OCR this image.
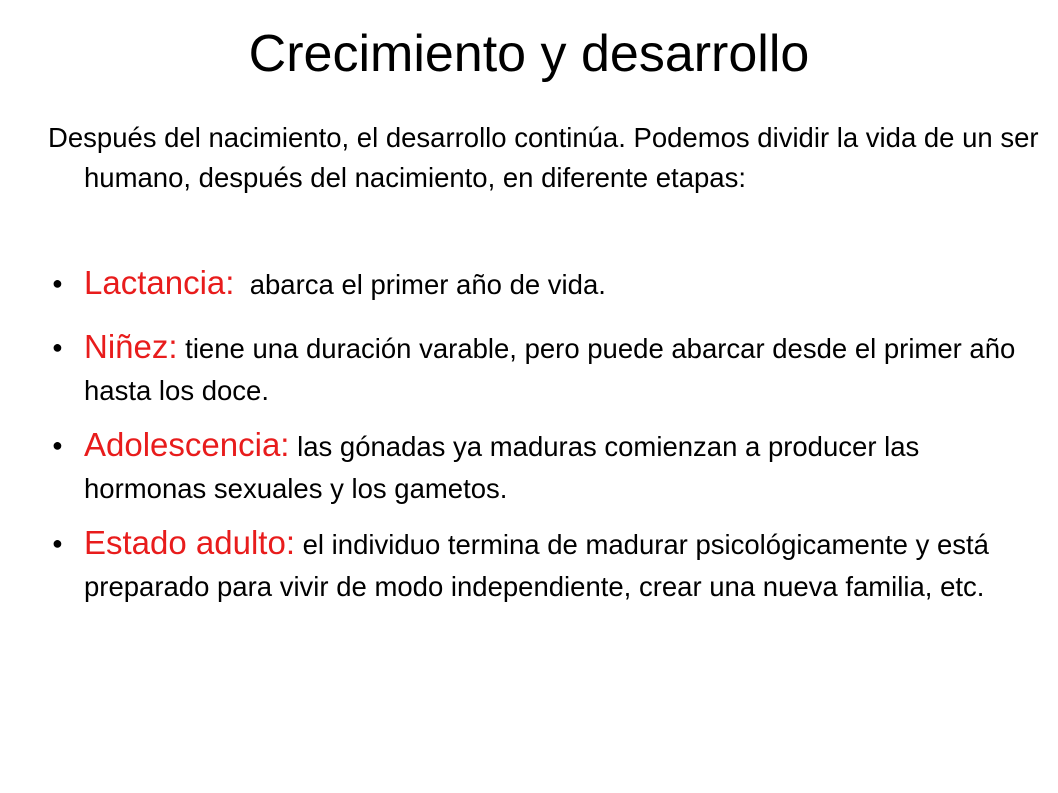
Crecimiento y desarrollo

Después del nacimiento, el desarrollo continúa. Podemos dividir la vida de un ser humano, después del nacimiento, en diferente etapas:

● Lactancia:  abarca el primer año de vida.
● Niñez: tiene una duración varable, pero puede abarcar desde el primer año hasta los doce.
● Adolescencia: las gónadas ya maduras comienzan a producer las hormonas sexuales y los gametos.
● Estado adulto: el individuo termina de madurar psicológicamente y está preparado para vivir de modo independiente, crear una nueva familia, etc.
